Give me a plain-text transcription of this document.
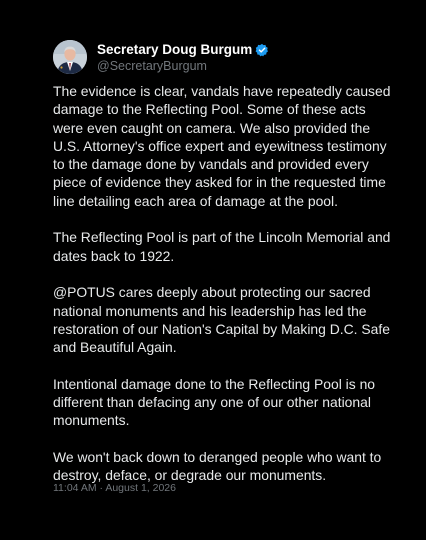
Secretary Doug Burgum
@SecretaryBurgum

The evidence is clear, vandals have repeatedly caused damage to the Reflecting Pool. Some of these acts were even caught on camera. We also provided the U.S. Attorney's office expert and eyewitness testimony to the damage done by vandals and provided every piece of evidence they asked for in the requested time line detailing each area of damage at the pool.

The Reflecting Pool is part of the Lincoln Memorial and dates back to 1922.

@POTUS cares deeply about protecting our sacred national monuments and his leadership has led the restoration of our Nation's Capital by Making D.C. Safe and Beautiful Again.

Intentional damage done to the Reflecting Pool is no different than defacing any one of our other national monuments.

We won't back down to deranged people who want to destroy, deface, or degrade our monuments.

11:04 AM · August 1, 2026
